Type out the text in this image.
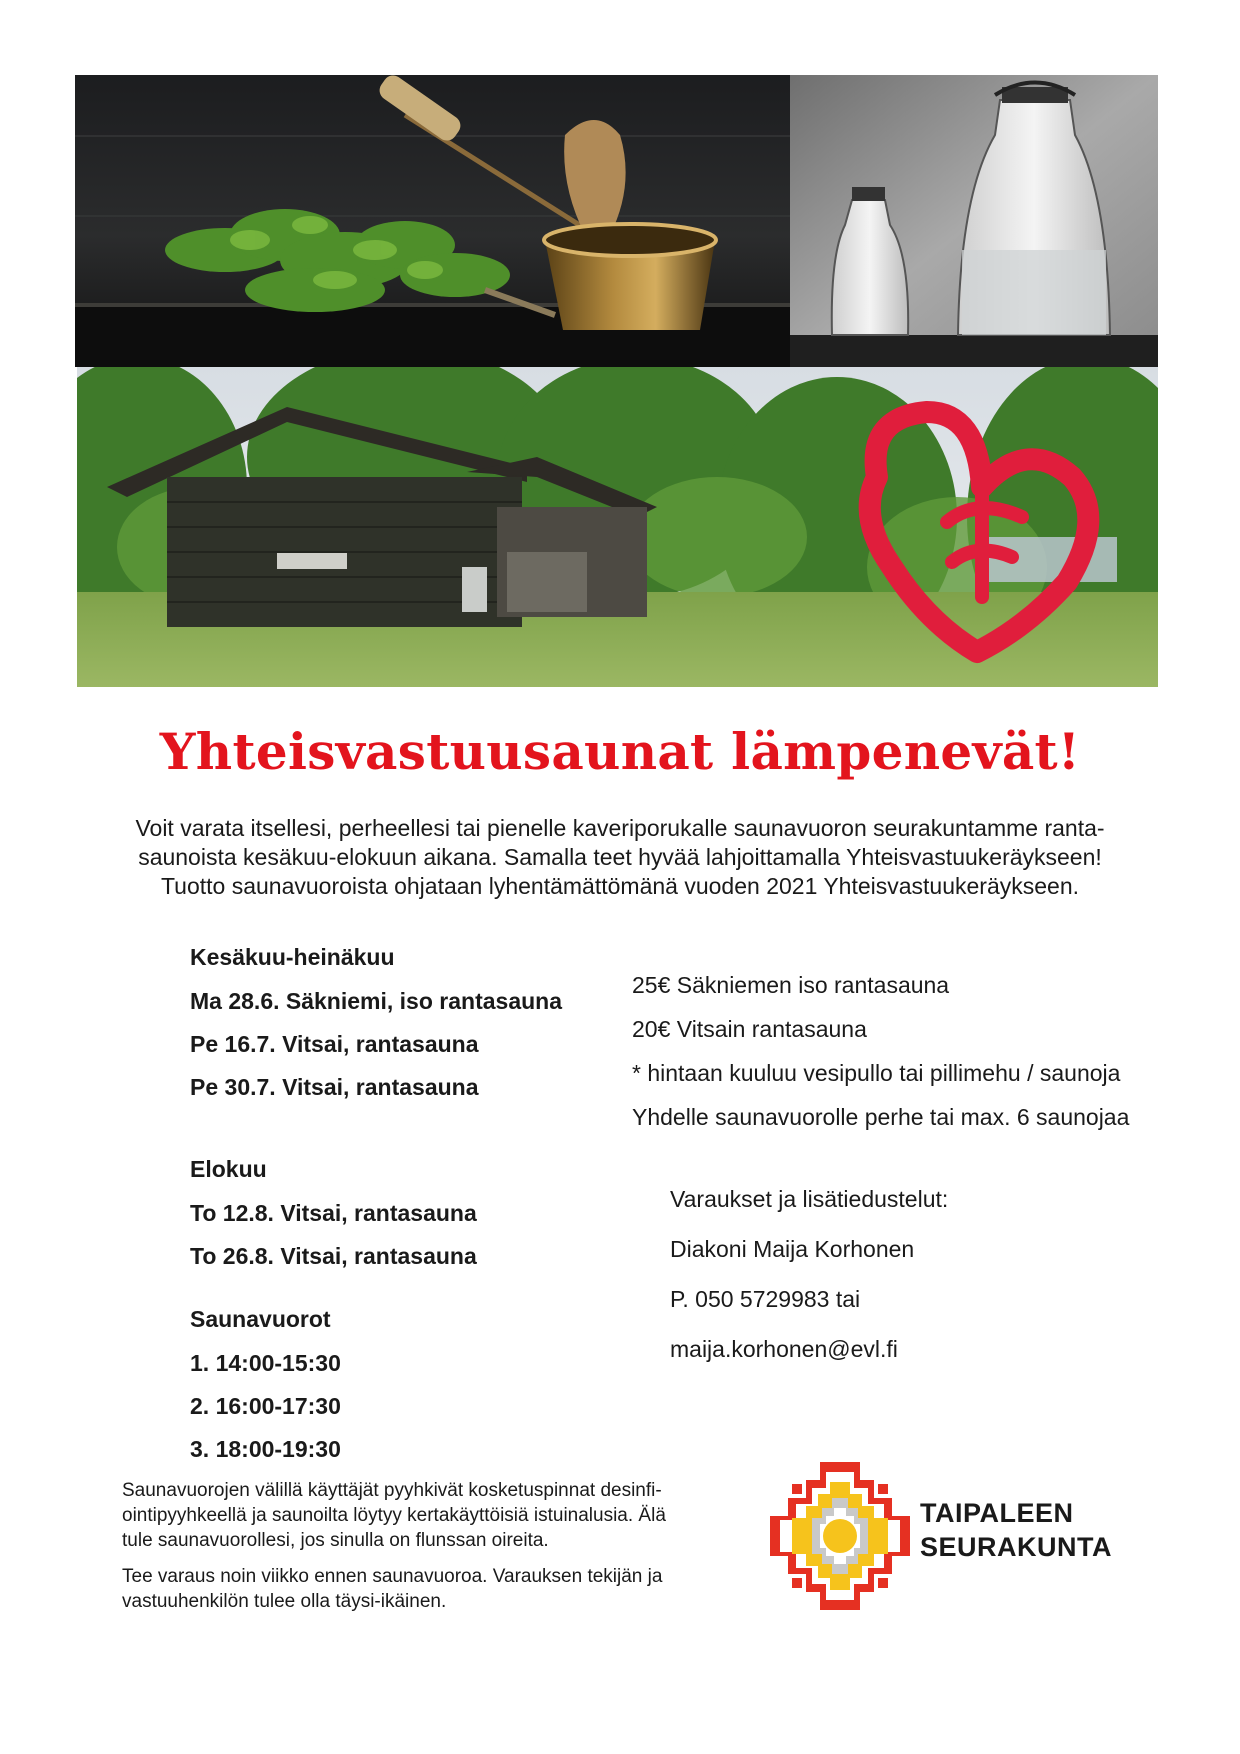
Yhteisvastuusaunat lämpenevät!

Voit varata itsellesi, perheellesi tai pienelle kaveriporukalle saunavuoron seurakuntamme ranta-

saunoista kesäkuu-elokuun aikana. Samalla teet hyvää lahjoittamalla Yhteisvastuukeräykseen!

Tuotto saunavuoroista ohjataan lyhentämättömänä vuoden 2021 Yhteisvastuukeräykseen.

Kesäkuu-heinäkuu
Ma 28.6. Säkniemi, iso rantasauna
Pe 16.7. Vitsai, rantasauna
Pe 30.7. Vitsai, rantasauna
Elokuu
To 12.8. Vitsai, rantasauna
To 26.8. Vitsai, rantasauna
Saunavuorot
1. 14:00-15:30
2. 16:00-17:30
3. 18:00-19:30
25€ Säkniemen iso rantasauna
20€ Vitsain rantasauna
* hintaan kuuluu vesipullo tai pillimehu / saunoja
Yhdelle saunavuorolle perhe tai max. 6 saunojaa
Varaukset ja lisätiedustelut:
Diakoni Maija Korhonen
P. 050 5729983 tai
maija.korhonen@evl.fi

Saunavuorojen välillä käyttäjät pyyhkivät kosketuspinnat desinfi-
ointipyyhkeellä ja saunoilta löytyy kertakäyttöisiä istuinalusia. Älä
tule saunavuorollesi, jos sinulla on flunssan oireita.

Tee varaus noin viikko ennen saunavuoroa. Varauksen tekijän ja
vastuuhenkilön tulee olla täysi-ikäinen.

TAIPALEEN
SEURAKUNTA
